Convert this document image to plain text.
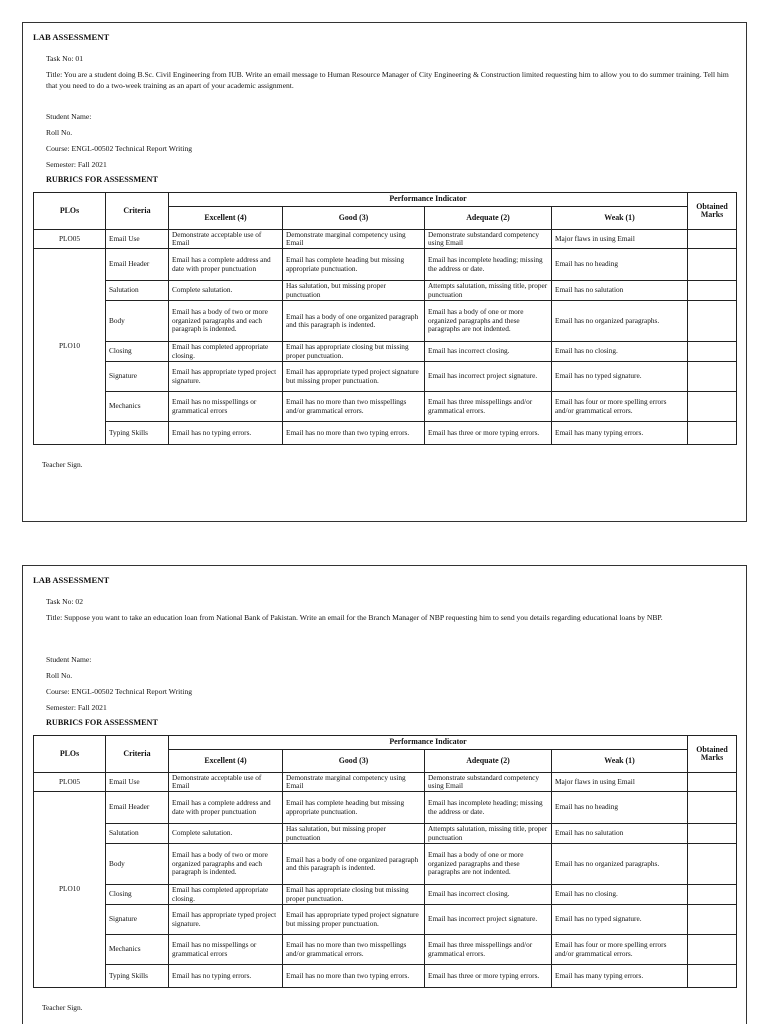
LAB ASSESSMENT
Task No: 01
Title: You are a student doing B.Sc. Civil Engineering from IUB. Write an email message to Human Resource Manager of City Engineering & Construction limited requesting him to allow you to do summer training. Tell him that you need to do a two-week training as an apart of your academic assignment.
Student Name:
Roll No.
Course: ENGL-00502 Technical Report Writing
Semester: Fall 2021
RUBRICS FOR ASSESSMENT
PLOs	Criteria	Performance Indicator				Obtained Marks
		Excellent (4)	Good (3)	Adequate (2)	Weak (1)	
PLO05	Email Use	Demonstrate acceptable use of Email	Demonstrate marginal competency using Email	Demonstrate substandard competency using Email	Major flaws in using Email	
PLO10	Email Header	Email has a complete address and date with proper punctuation	Email has complete heading but missing appropriate punctuation.	Email has incomplete heading; missing the address or date.	Email has no heading	
	Salutation	Complete salutation.	Has salutation, but missing proper punctuation	Attempts salutation, missing title, proper punctuation	Email has no salutation	
	Body	Email has a body of two or more organized paragraphs and each paragraph is indented.	Email has a body of one organized paragraph and this paragraph is indented.	Email has a body of one or more organized paragraphs and these paragraphs are not indented.	Email has no organized paragraphs.	
	Closing	Email has completed appropriate closing.	Email has appropriate closing but missing proper punctuation.	Email has incorrect closing.	Email has no closing.	
	Signature	Email has appropriate typed project signature.	Email has appropriate typed project signature but missing proper punctuation.	Email has incorrect project signature.	Email has no typed signature.	
	Mechanics	Email has no misspellings or grammatical errors	Email has no more than two misspellings and/or grammatical errors.	Email has three misspellings and/or grammatical errors.	Email has four or more spelling errors and/or grammatical errors.	
	Typing Skills	Email has no typing errors.	Email has no more than two typing errors.	Email has three or more typing errors.	Email has many typing errors.	
Teacher Sign.
LAB ASSESSMENT
Task No: 02
Title: Suppose you want to take an education loan from National Bank of Pakistan. Write an email for the Branch Manager of NBP requesting him to send you details regarding educational loans by NBP.
Student Name:
Roll No.
Course: ENGL-00502 Technical Report Writing
Semester: Fall 2021
RUBRICS FOR ASSESSMENT
PLOs	Criteria	Performance Indicator				Obtained Marks
		Excellent (4)	Good (3)	Adequate (2)	Weak (1)	
PLO05	Email Use	Demonstrate acceptable use of Email	Demonstrate marginal competency using Email	Demonstrate substandard competency using Email	Major flaws in using Email	
PLO10	Email Header	Email has a complete address and date with proper punctuation	Email has complete heading but missing appropriate punctuation.	Email has incomplete heading; missing the address or date.	Email has no heading	
	Salutation	Complete salutation.	Has salutation, but missing proper punctuation	Attempts salutation, missing title, proper punctuation	Email has no salutation	
	Body	Email has a body of two or more organized paragraphs and each paragraph is indented.	Email has a body of one organized paragraph and this paragraph is indented.	Email has a body of one or more organized paragraphs and these paragraphs are not indented.	Email has no organized paragraphs.	
	Closing	Email has completed appropriate closing.	Email has appropriate closing but missing proper punctuation.	Email has incorrect closing.	Email has no closing.	
	Signature	Email has appropriate typed project signature.	Email has appropriate typed project signature but missing proper punctuation.	Email has incorrect project signature.	Email has no typed signature.	
	Mechanics	Email has no misspellings or grammatical errors	Email has no more than two misspellings and/or grammatical errors.	Email has three misspellings and/or grammatical errors.	Email has four or more spelling errors and/or grammatical errors.	
	Typing Skills	Email has no typing errors.	Email has no more than two typing errors.	Email has three or more typing errors.	Email has many typing errors.	
Teacher Sign.
